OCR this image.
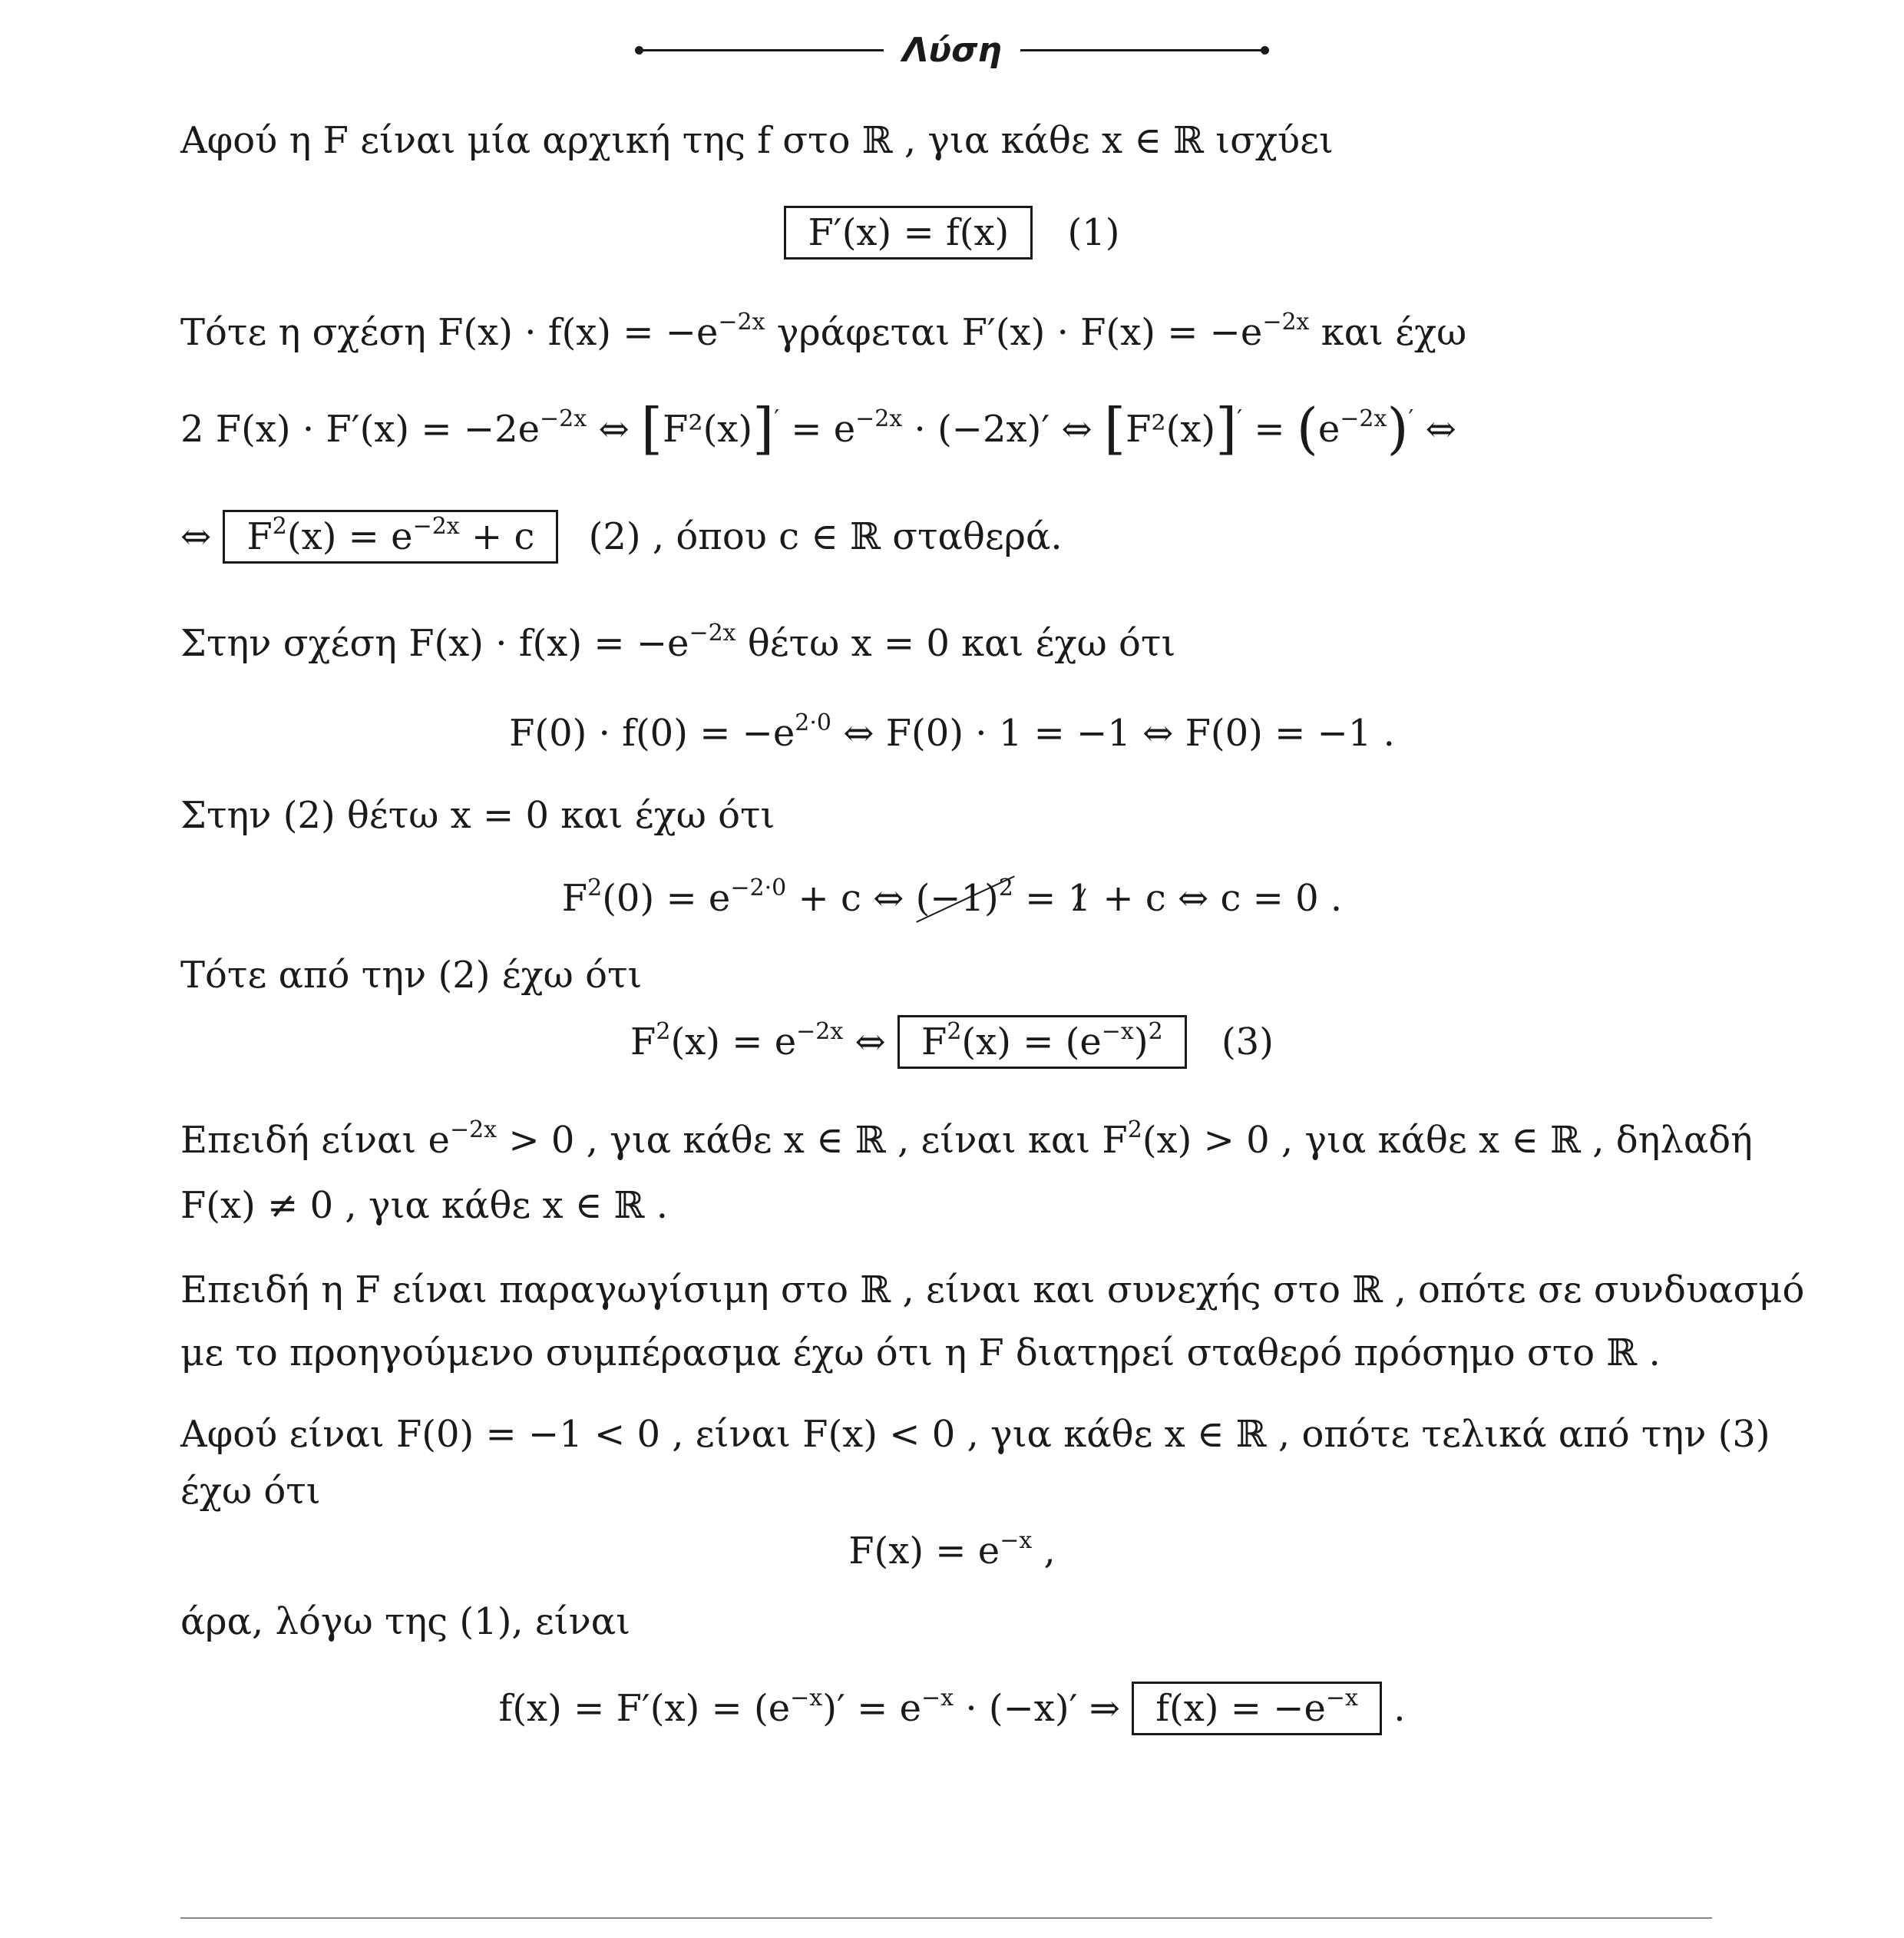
Λύση
Αφού η F είναι μία αρχική της f στο ℝ , για κάθε x ∈ ℝ ισχύει
F′(x) = f(x) (1)
Τότε η σχέση $F(x) \cdot f(x) = -e^{-2x}$ γράφεται $F'(x) \cdot F(x) = -e^{-2x}$ και έχω
2 $F(x) \cdot F'(x) = -2e^{-2x}$ ⇔ $[F^2(x)]' = e^{-2x} \cdot (-2x)'$ ⇔ $[F^2(x)]' = (e^{-2x})'$ ⇔
⇔ $F^2(x) = e^{-2x} + c$ (2) , όπου c ∈ ℝ σταθερά.
Στην σχέση $F(x) \cdot f(x) = -e^{-2x}$ θέτω x = 0 και έχω ότι
$F(0) \cdot f(0) = -e^{2\cdot 0}$ ⇔ F(0) · 1 = −1 ⇔ F(0) = −1 .
Στην (2) θέτω x = 0 και έχω ότι
$F^2(0) = e^{-2\cdot 0} + c$ ⇔ $(-1)^2 = 1 + c$ ⇔ c = 0 .
Τότε από την (2) έχω ότι
$F^2(x) = e^{-2x}$ ⇔ $F^2(x) = (e^{-x})^2$ (3)
Επειδή είναι $e^{-2x} > 0$ , για κάθε x ∈ ℝ , είναι και $F^2(x) > 0$ , για κάθε x ∈ ℝ , δηλαδή
F(x) ≠ 0 , για κάθε x ∈ ℝ .
Επειδή η F είναι παραγωγίσιμη στο ℝ , είναι και συνεχής στο ℝ , οπότε σε συνδυασμό
με το προηγούμενο συμπέρασμα έχω ότι η F διατηρεί σταθερό πρόσημο στο ℝ .
Αφού είναι F(0) = −1 < 0 , είναι F(x) < 0 , για κάθε x ∈ ℝ , οπότε τελικά από την (3)
έχω ότι
$F(x) = e^{-x}$ ,
άρα, λόγω της (1), είναι
$f(x) = F'(x) = (e^{-x})' = e^{-x} \cdot (-x)'$ ⇒ $f(x) = -e^{-x}$ .
